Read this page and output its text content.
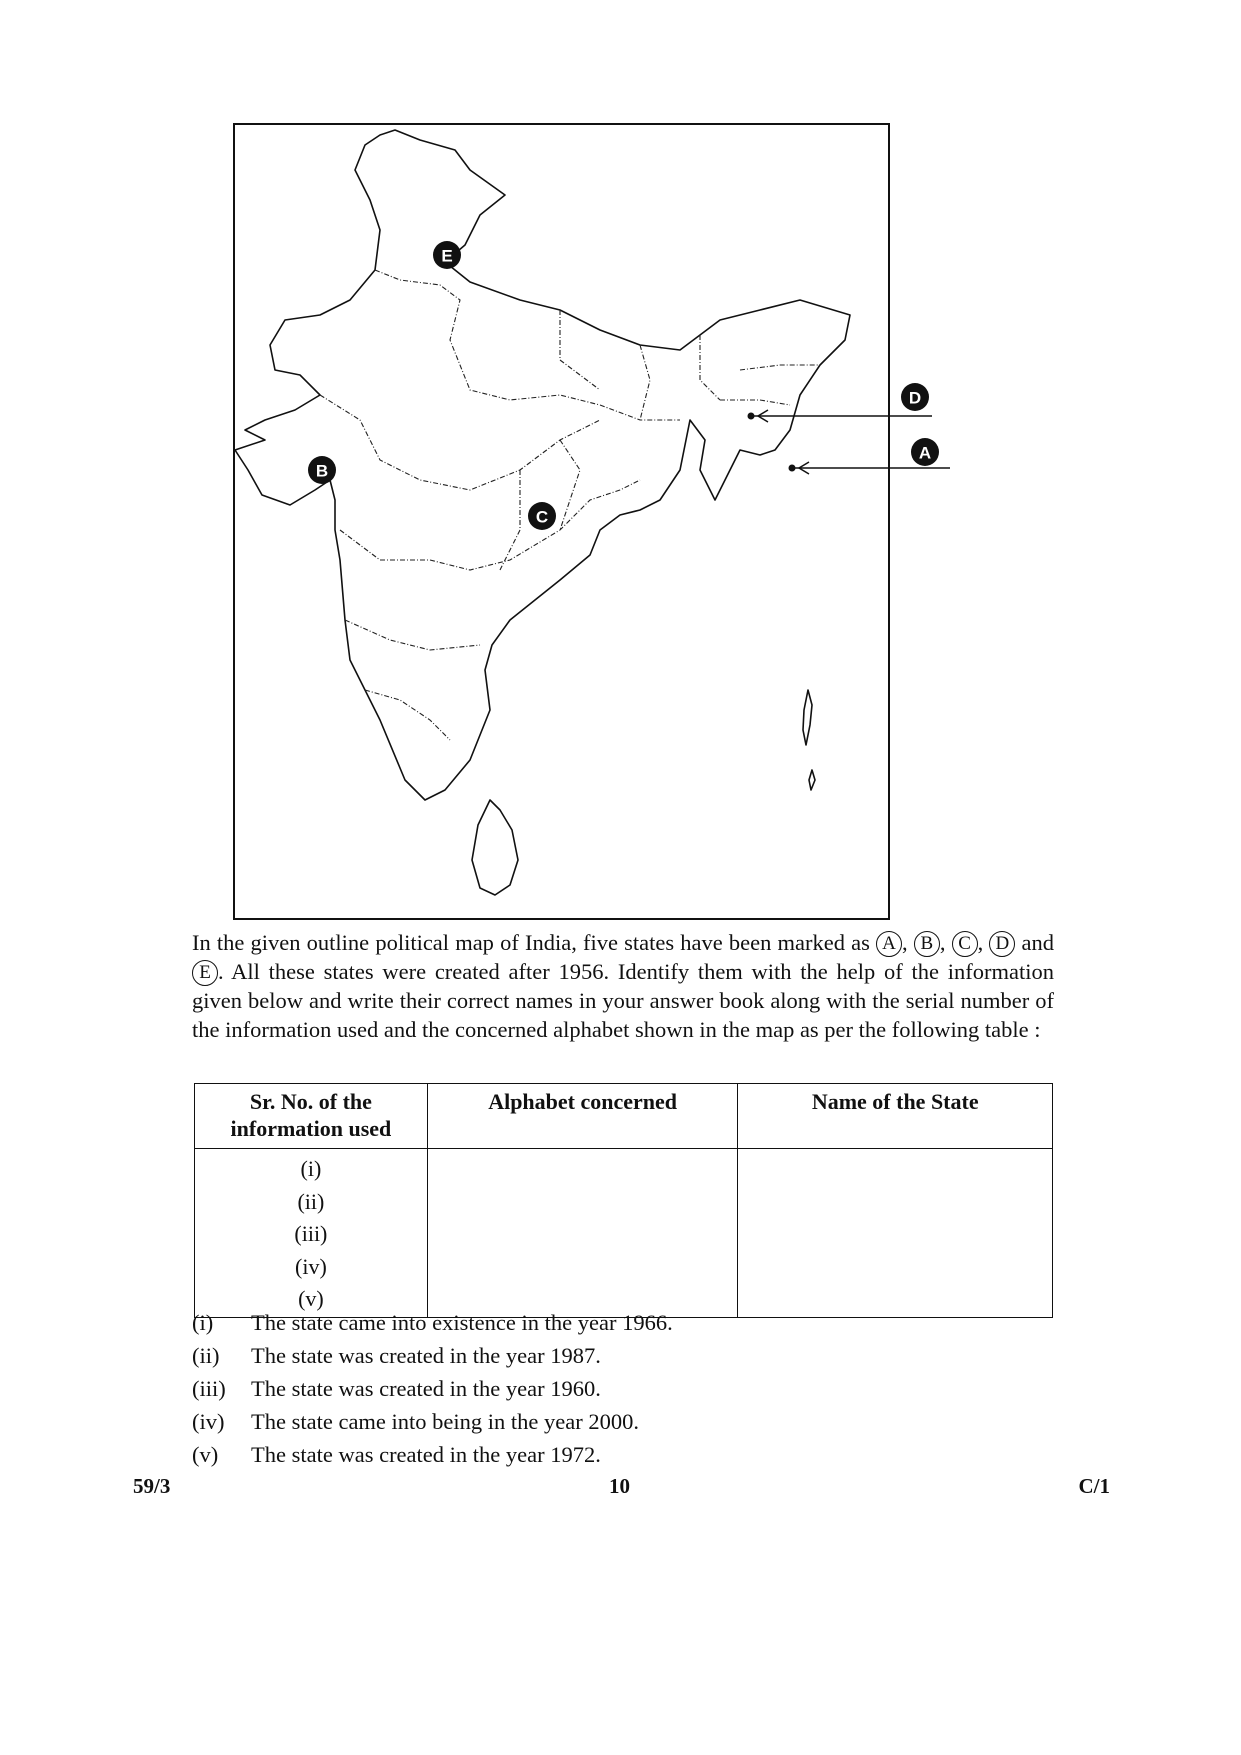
E
B
C
D
A
In the given outline political map of India, five states have been marked as A , B , C , D and E . All these states were created after 1956. Identify them with the help of the information given below and write their correct names in your answer book along with the serial number of the information used and the concerned alphabet shown in the map as per the following table :
Sr. No. of the information used	Alphabet concerned	Name of the State

(i)
(ii)
(iii)
(iv)
(v)		

(i)	The state came into existence in the year 1966.
(ii)	The state was created in the year 1987.
(iii)	The state was created in the year 1960.
(iv)	The state came into being in the year 2000.
(v)	The state was created in the year 1972.
59/3	10	C/1
